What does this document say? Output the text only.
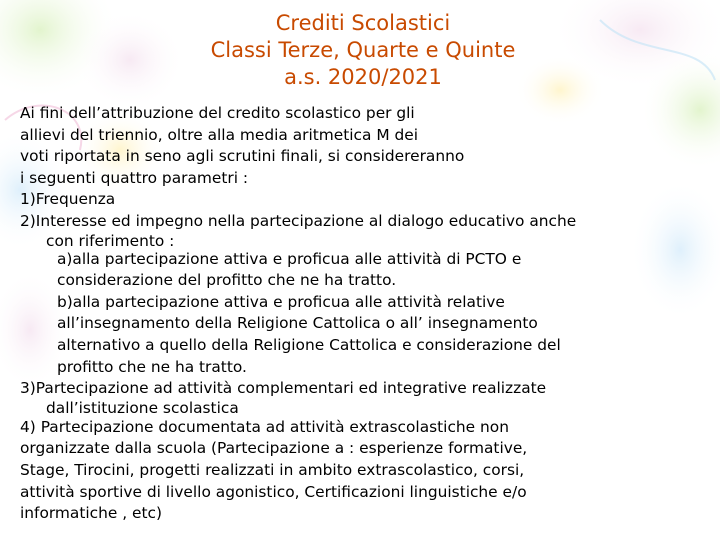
Crediti Scolastici
Classi Terze, Quarte e Quinte
a.s. 2020/2021

Ai fini dell’attribuzione del credito scolastico per gli

allievi del triennio, oltre alla media aritmetica M dei

voti riportata in seno agli scrutini finali, si considereranno

i seguenti quattro parametri :

1)Frequenza

2)Interesse ed impegno nella partecipazione al dialogo educativo anche

con riferimento :

a)alla partecipazione attiva e proficua alle attività di PCTO e

considerazione del profitto che ne ha tratto.

b)alla partecipazione attiva e proficua alle attività relative

all’insegnamento della Religione Cattolica o all’ insegnamento

alternativo a quello della Religione Cattolica e considerazione del

profitto che ne ha tratto.

3)Partecipazione ad attività complementari ed integrative realizzate

dall’istituzione scolastica

4) Partecipazione documentata ad attività extrascolastiche non

organizzate dalla scuola (Partecipazione a : esperienze formative,

Stage, Tirocini, progetti realizzati in ambito extrascolastico, corsi,

attività sportive di livello agonistico, Certificazioni linguistiche e/o

informatiche , etc)
